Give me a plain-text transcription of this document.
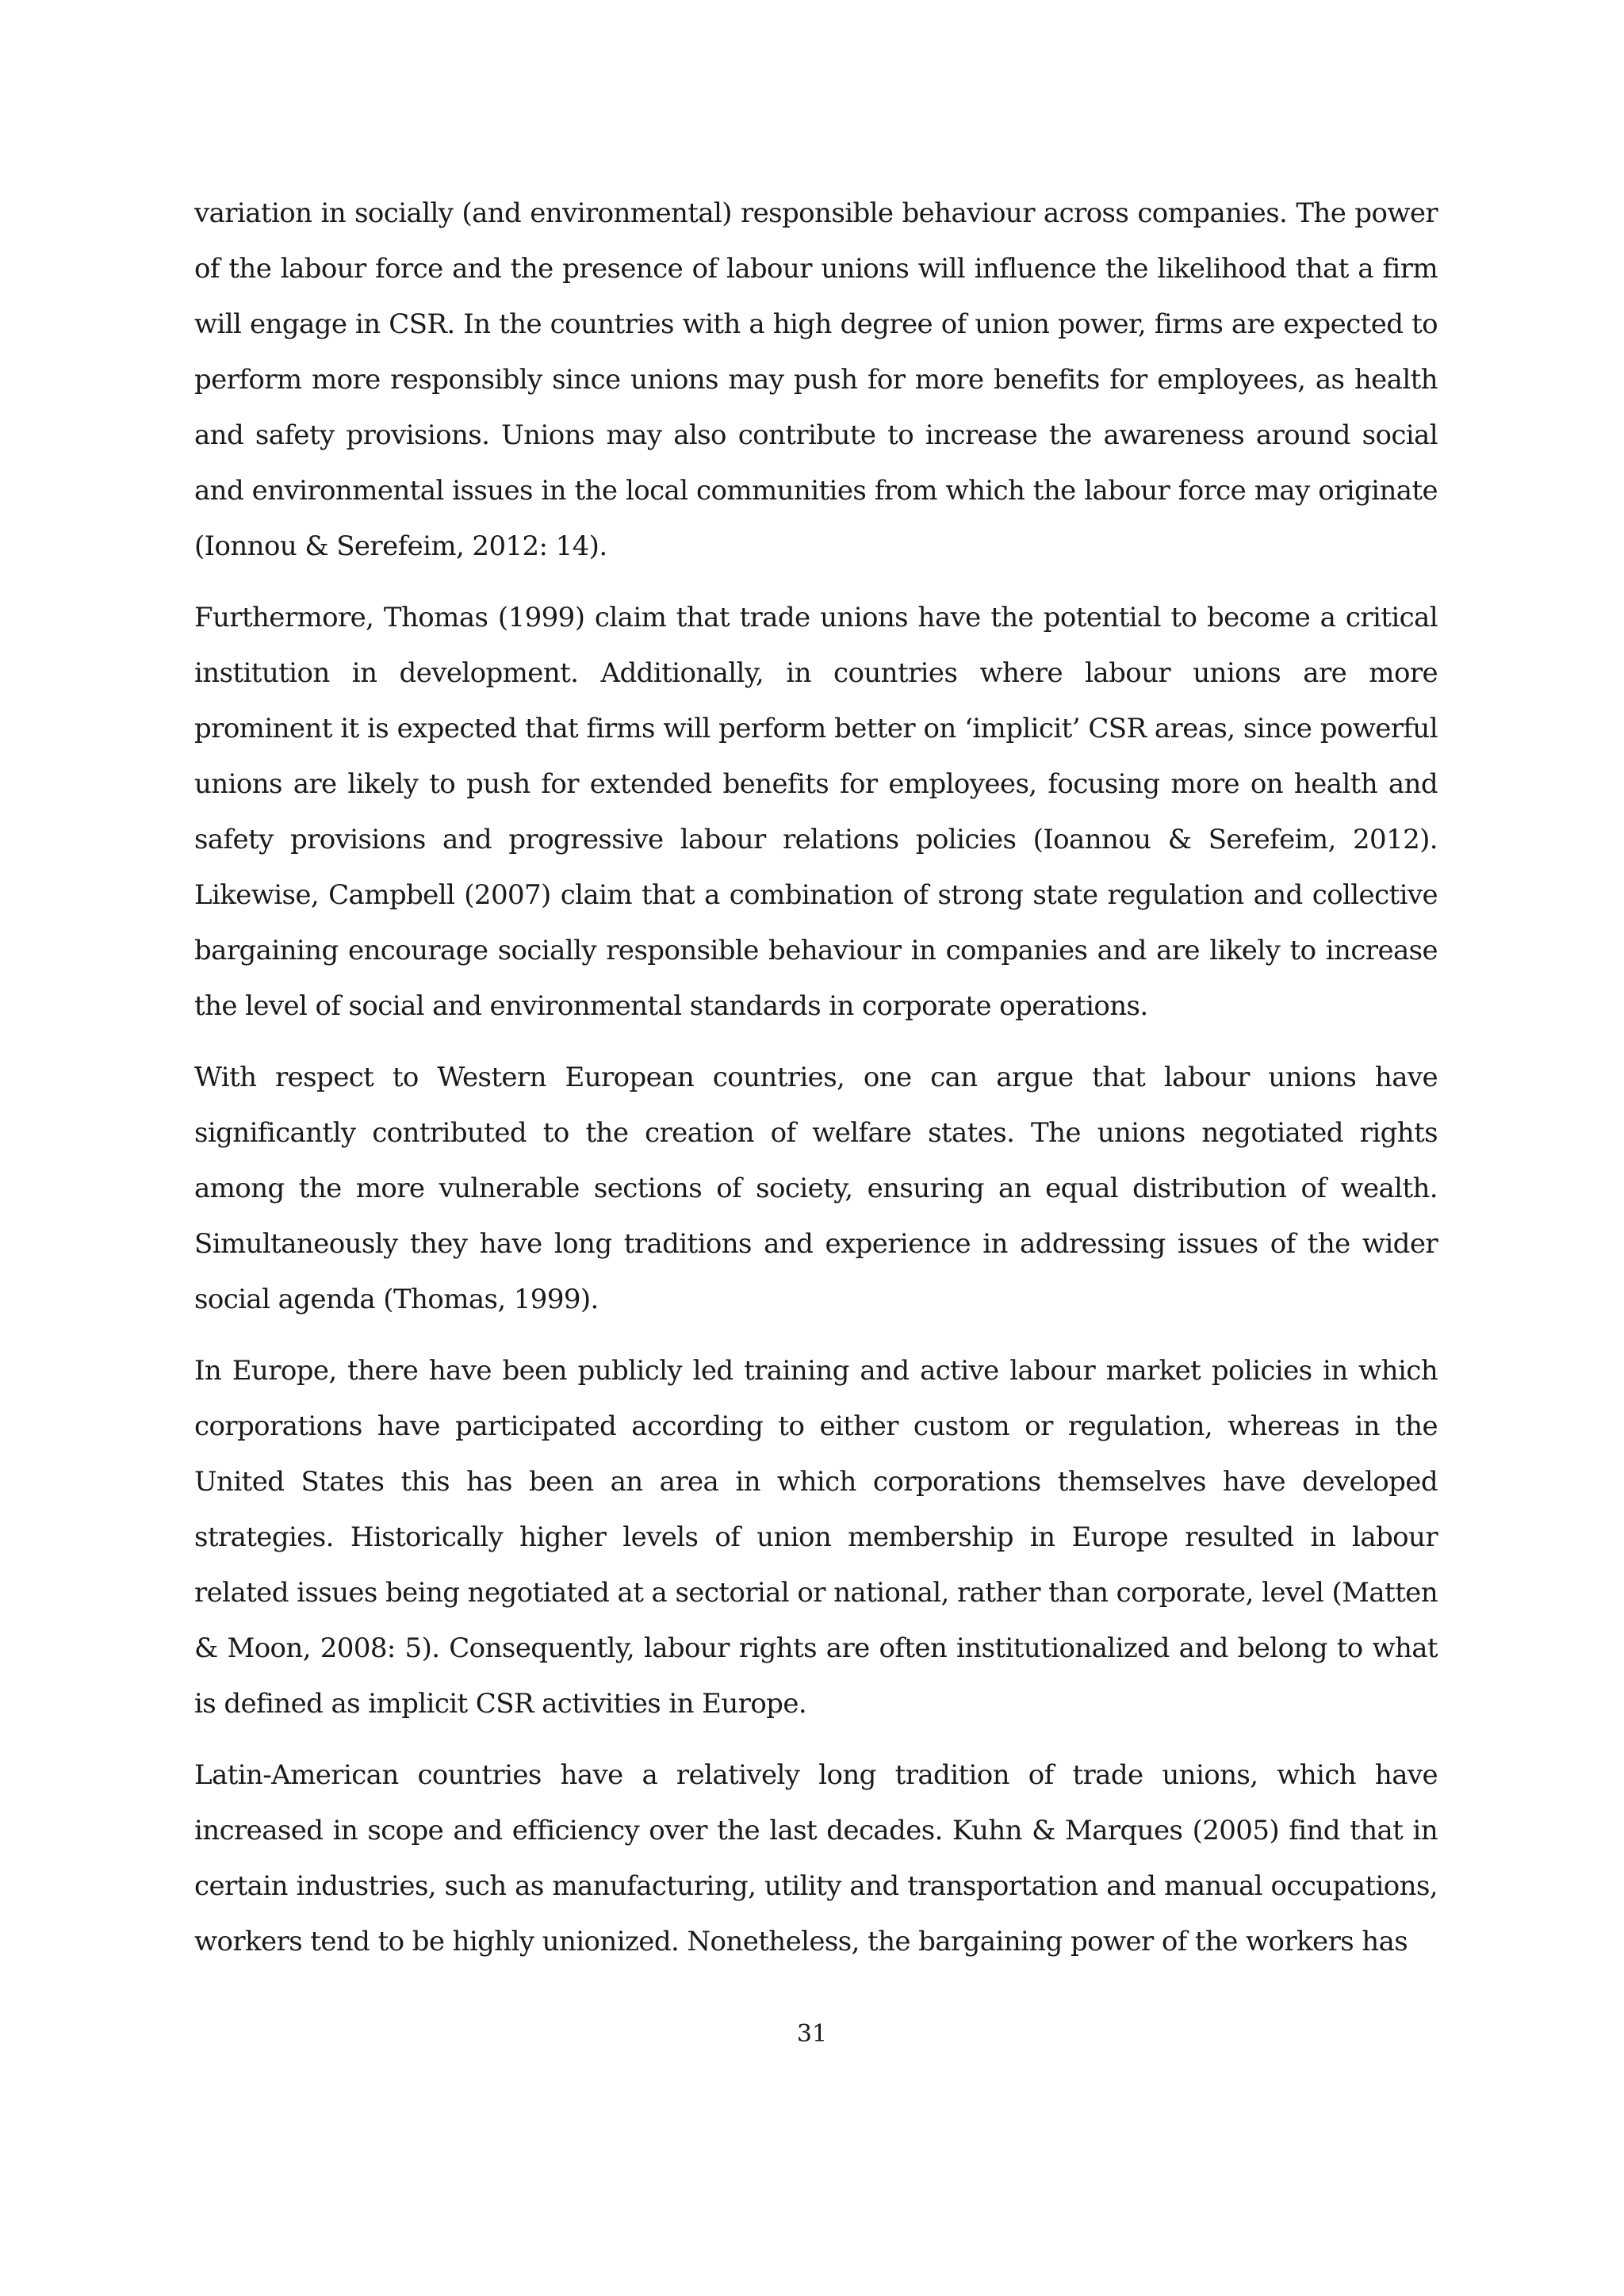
variation in socially (and environmental) responsible behaviour across companies. The power of the labour force and the presence of labour unions will influence the likelihood that a firm will engage in CSR. In the countries with a high degree of union power, firms are expected to perform more responsibly since unions may push for more benefits for employees, as health and safety provisions. Unions may also contribute to increase the awareness around social and environmental issues in the local communities from which the labour force may originate (Ionnou & Serefeim, 2012: 14).

Furthermore, Thomas (1999) claim that trade unions have the potential to become a critical institution in development. Additionally, in countries where labour unions are more prominent it is expected that firms will perform better on ‘implicit’ CSR areas, since powerful unions are likely to push for extended benefits for employees, focusing more on health and safety provisions and progressive labour relations policies (Ioannou & Serefeim, 2012). Likewise, Campbell (2007) claim that a combination of strong state regulation and collective bargaining encourage socially responsible behaviour in companies and are likely to increase the level of social and environmental standards in corporate operations.

With respect to Western European countries, one can argue that labour unions have significantly contributed to the creation of welfare states. The unions negotiated rights among the more vulnerable sections of society, ensuring an equal distribution of wealth. Simultaneously they have long traditions and experience in addressing issues of the wider social agenda (Thomas, 1999).

In Europe, there have been publicly led training and active labour market policies in which corporations have participated according to either custom or regulation, whereas in the United States this has been an area in which corporations themselves have developed strategies. Historically higher levels of union membership in Europe resulted in labour related issues being negotiated at a sectorial or national, rather than corporate, level (Matten & Moon, 2008: 5). Consequently, labour rights are often institutionalized and belong to what is defined as implicit CSR activities in Europe.

Latin-American countries have a relatively long tradition of trade unions, which have increased in scope and efficiency over the last decades. Kuhn & Marques (2005) find that in certain industries, such as manufacturing, utility and transportation and manual occupations, workers tend to be highly unionized. Nonetheless, the bargaining power of the workers has

31
